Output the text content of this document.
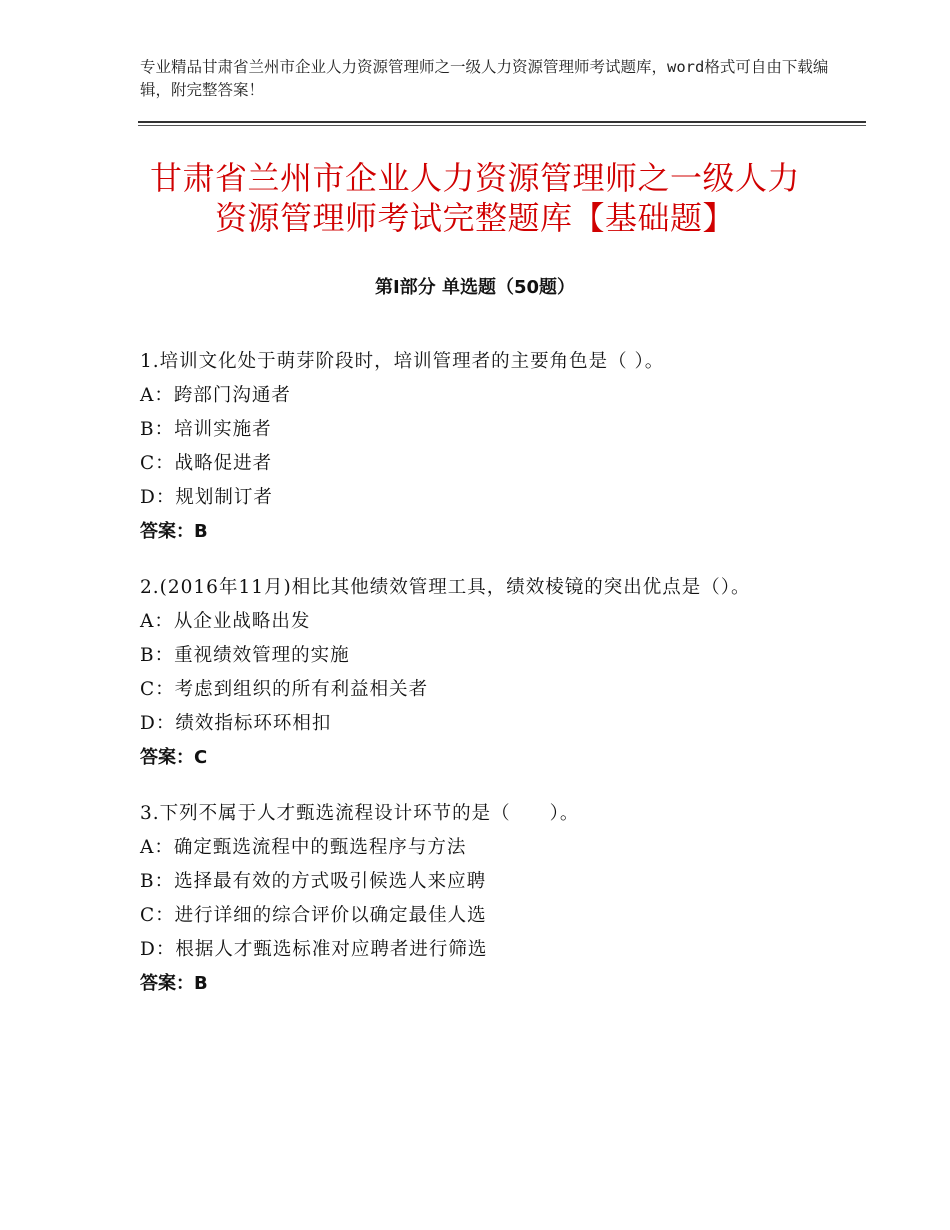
专业精品甘肃省兰州市企业人力资源管理师之一级人力资源管理师考试题库，word格式可自由下载编辑，附完整答案！
甘肃省兰州市企业人力资源管理师之一级人力资源管理师考试完整题库【基础题】
第Ⅰ部分 单选题（50题）
1.培训文化处于萌芽阶段时，培训管理者的主要角色是（ ）。
A：跨部门沟通者
B：培训实施者
C：战略促进者
D：规划制订者
答案：B
2.(2016年11月)相比其他绩效管理工具，绩效棱镜的突出优点是（）。
A：从企业战略出发
B：重视绩效管理的实施
C：考虑到组织的所有利益相关者
D：绩效指标环环相扣
答案：C
3.下列不属于人才甄选流程设计环节的是（　　）。
A：确定甄选流程中的甄选程序与方法
B：选择最有效的方式吸引候选人来应聘
C：进行详细的综合评价以确定最佳人选
D：根据人才甄选标准对应聘者进行筛选
答案：B
